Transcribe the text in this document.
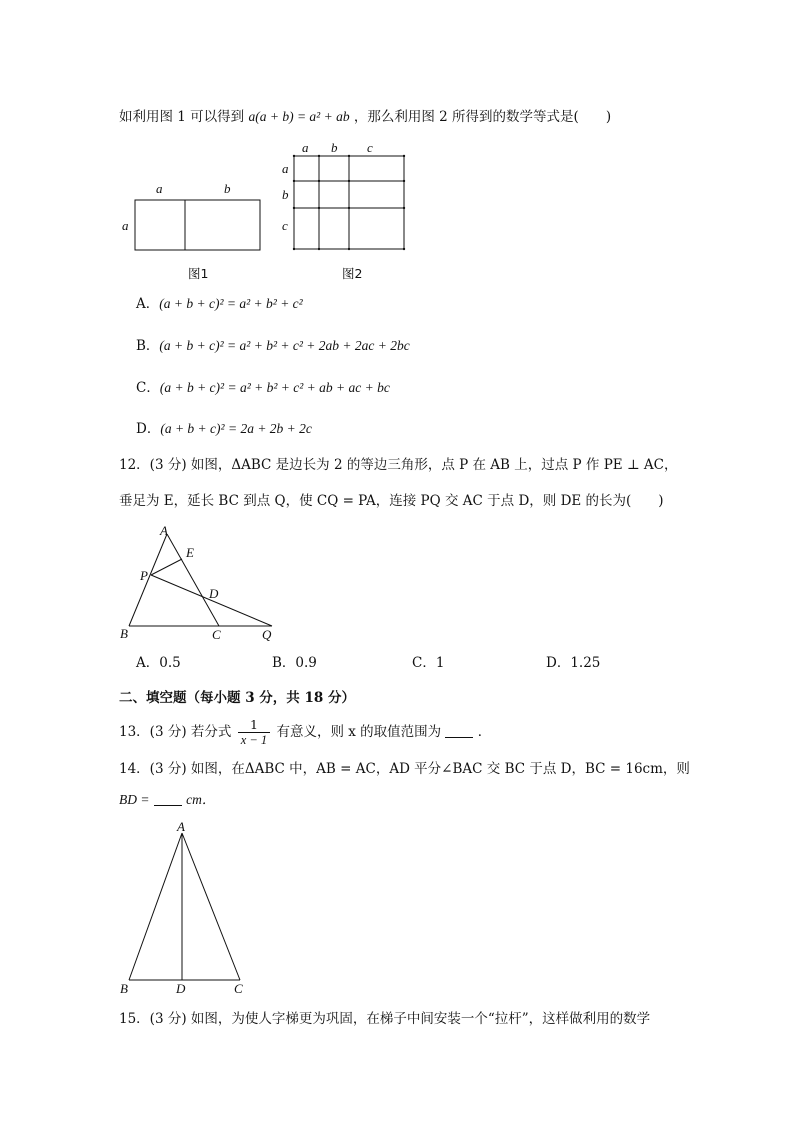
如利用图 1 可以得到 a(a + b) = a² + ab ，那么利用图 2 所得到的数学等式是(　　)
a	b
a
图1
a b c
a
b
c
图2
A．(a + b + c)² = a² + b² + c²
B．(a + b + c)² = a² + b² + c² + 2ab + 2ac + 2bc
C．(a + b + c)² = a² + b² + c² + ab + ac + bc
D．(a + b + c)² = 2a + 2b + 2c
12．(3 分) 如图，ΔABC 是边长为 2 的等边三角形，点 P 在 AB 上，过点 P 作 PE ⊥ AC，
垂足为 E，延长 BC 到点 Q，使 CQ = PA，连接 PQ 交 AC 于点 D，则 DE 的长为(　　)
A
E
P
D
B	C	Q
A．0.5	B．0.9	C．1	D．1.25
二、填空题（每小题 3 分，共 18 分）
13．(3 分) 若分式 $\frac{1}{x - 1}$ 有意义，则 x 的取值范围为	．
14．(3 分) 如图，在ΔABC 中，AB = AC，AD 平分∠BAC 交 BC 于点 D，BC = 16cm，则
BD =	cm．
A
B	D	C
15．(3 分) 如图，为使人字梯更为巩固，在梯子中间安装一个“拉杆”，这样做利用的数学
